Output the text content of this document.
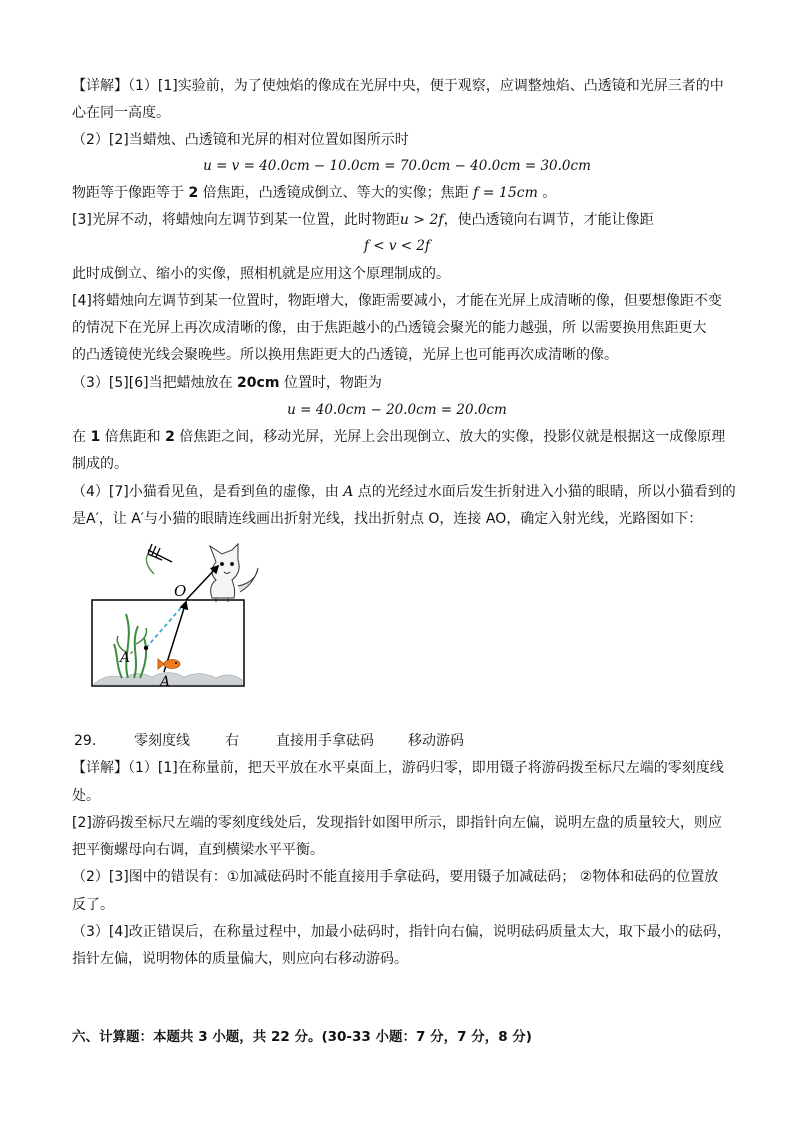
【详解】（1）[1]实验前，为了使烛焰的像成在光屏中央，便于观察，应调整烛焰、凸透镜和光屏三者的中
心在同一高度。
（2）[2]当蜡烛、凸透镜和光屏的相对位置如图所示时
u = v = 40.0cm − 10.0cm = 70.0cm − 40.0cm = 30.0cm
物距等于像距等于 2 倍焦距，凸透镜成倒立、等大的实像；焦距 f = 15cm 。
[3]光屏不动，将蜡烛向左调节到某一位置，此时物距u > 2f，使凸透镜向右调节，才能让像距
f < v < 2f
此时成倒立、缩小的实像，照相机就是应用这个原理制成的。
[4]将蜡烛向左调节到某一位置时，物距增大，像距需要减小，才能在光屏上成清晰的像，但要想像距不变
的情况下在光屏上再次成清晰的像，由于焦距越小的凸透镜会聚光的能力越强，所 以需要换用焦距更大
的凸透镜使光线会聚晚些。所以换用焦距更大的凸透镜，光屏上也可能再次成清晰的像。
（3）[5][6]当把蜡烛放在 20cm 位置时，物距为
u = 40.0cm − 20.0cm = 20.0cm
在 1 倍焦距和 2 倍焦距之间，移动光屏，光屏上会出现倒立、放大的实像，投影仪就是根据这一成像原理
制成的。
（4）[7]小猫看见鱼，是看到鱼的虚像，由 A 点的光经过水面后发生折射进入小猫的眼睛，所以小猫看到的
是A′，让 A′与小猫的眼睛连线画出折射光线，找出折射点 O，连接 AO，确定入射光线，光路图如下：
O
A′
A
29.	零刻度线	右	直接用手拿砝码 移动游码
【详解】（1）[1]在称量前，把天平放在水平桌面上，游码归零，即用镊子将游码拨至标尺左端的零刻度线
处。
[2]游码拨至标尺左端的零刻度线处后，发现指针如图甲所示，即指针向左偏，说明左盘的质量较大，则应
把平衡螺母向右调，直到横梁水平平衡。
（2）[3]图中的错误有：①加减砝码时不能直接用手拿砝码，要用镊子加减砝码； ②物体和砝码的位置放
反了。
（3）[4]改正错误后，在称量过程中，加最小砝码时，指针向右偏，说明砝码质量太大，取下最小的砝码，
指针左偏，说明物体的质量偏大，则应向右移动游码。
六、计算题：本题共 3 小题，共 22 分。(30-33 小题：7 分，7 分，8 分)
